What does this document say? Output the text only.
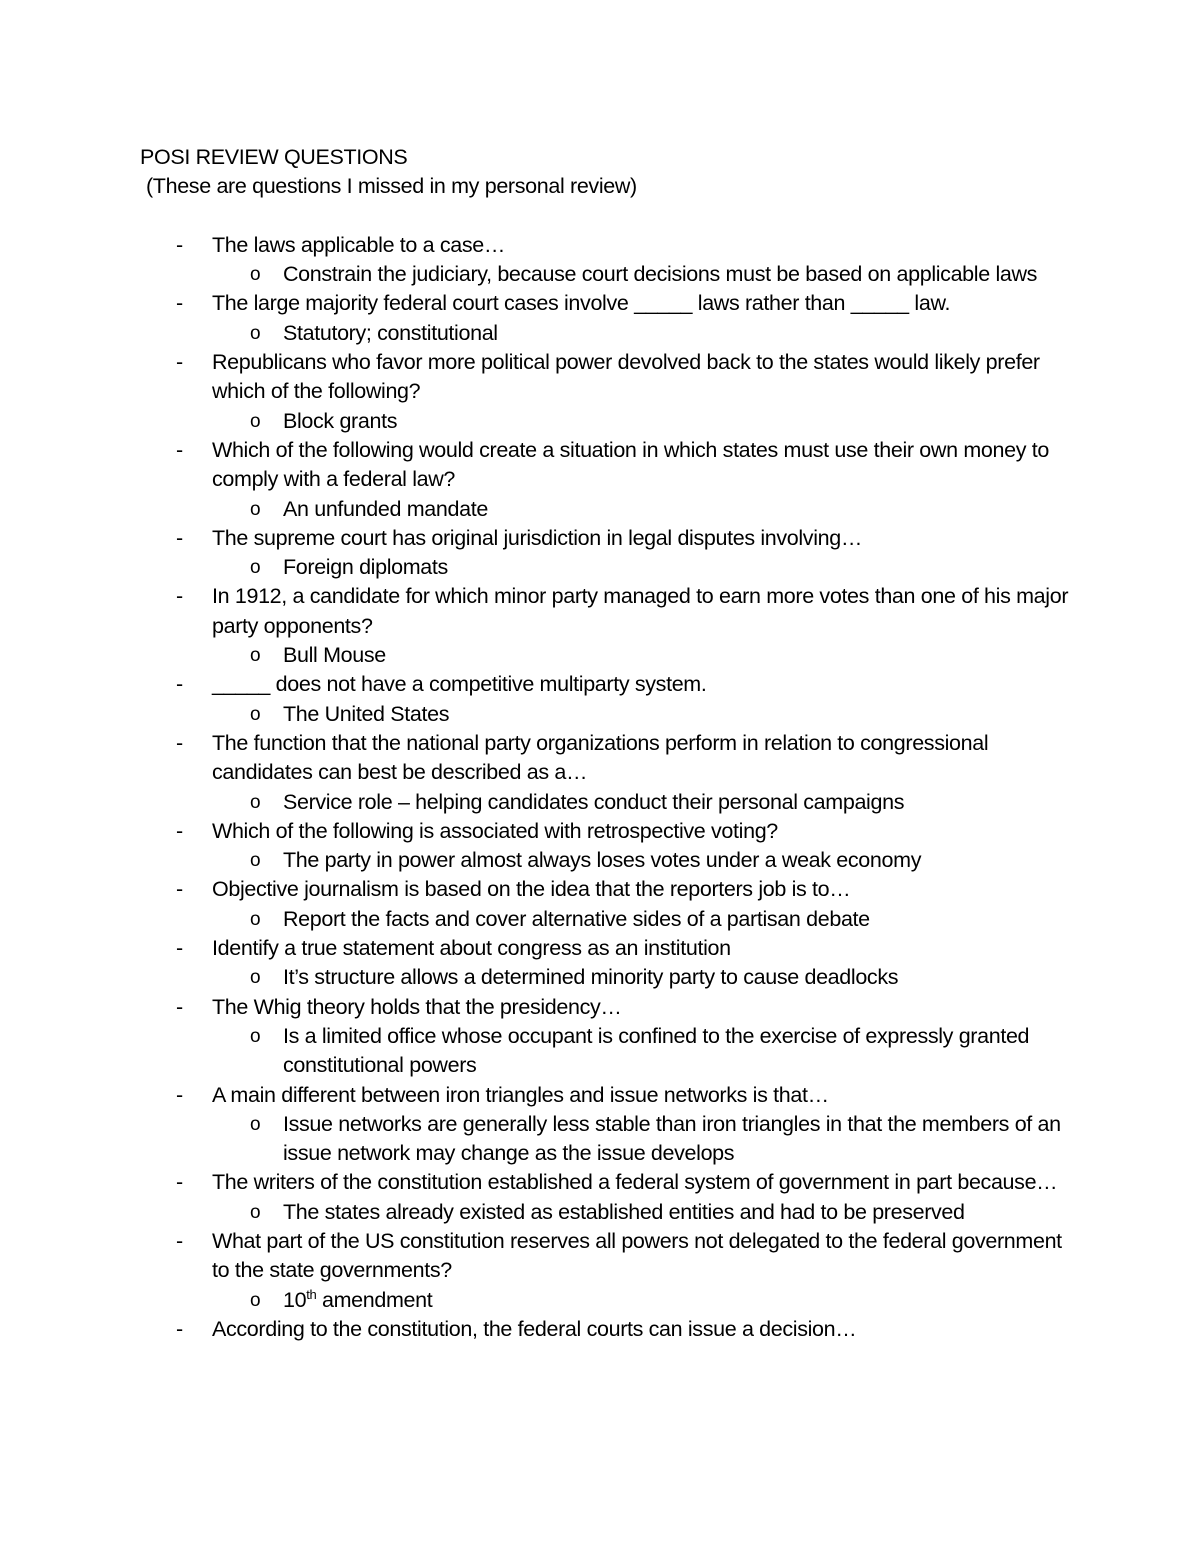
POSI REVIEW QUESTIONS

(These are questions I missed in my personal review)

- The laws applicable to a case…
o Constrain the judiciary, because court decisions must be based on applicable laws
- The large majority federal court cases involve _____ laws rather than _____ law.
o Statutory; constitutional
- Republicans who favor more political power devolved back to the states would likely prefer which of the following?
o Block grants
- Which of the following would create a situation in which states must use their own money to comply with a federal law?
o An unfunded mandate
- The supreme court has original jurisdiction in legal disputes involving…
o Foreign diplomats
- In 1912, a candidate for which minor party managed to earn more votes than one of his major party opponents?
o Bull Mouse
- _____ does not have a competitive multiparty system.
o The United States
- The function that the national party organizations perform in relation to congressional candidates can best be described as a…
o Service role – helping candidates conduct their personal campaigns
- Which of the following is associated with retrospective voting?
o The party in power almost always loses votes under a weak economy
- Objective journalism is based on the idea that the reporters job is to…
o Report the facts and cover alternative sides of a partisan debate
- Identify a true statement about congress as an institution
o It’s structure allows a determined minority party to cause deadlocks
- The Whig theory holds that the presidency…
o Is a limited office whose occupant is confined to the exercise of expressly granted constitutional powers
- A main different between iron triangles and issue networks is that…
o Issue networks are generally less stable than iron triangles in that the members of an issue network may change as the issue develops
- The writers of the constitution established a federal system of government in part because…
o The states already existed as established entities and had to be preserved
- What part of the US constitution reserves all powers not delegated to the federal government to the state governments?
o 10th amendment
- According to the constitution, the federal courts can issue a decision…
